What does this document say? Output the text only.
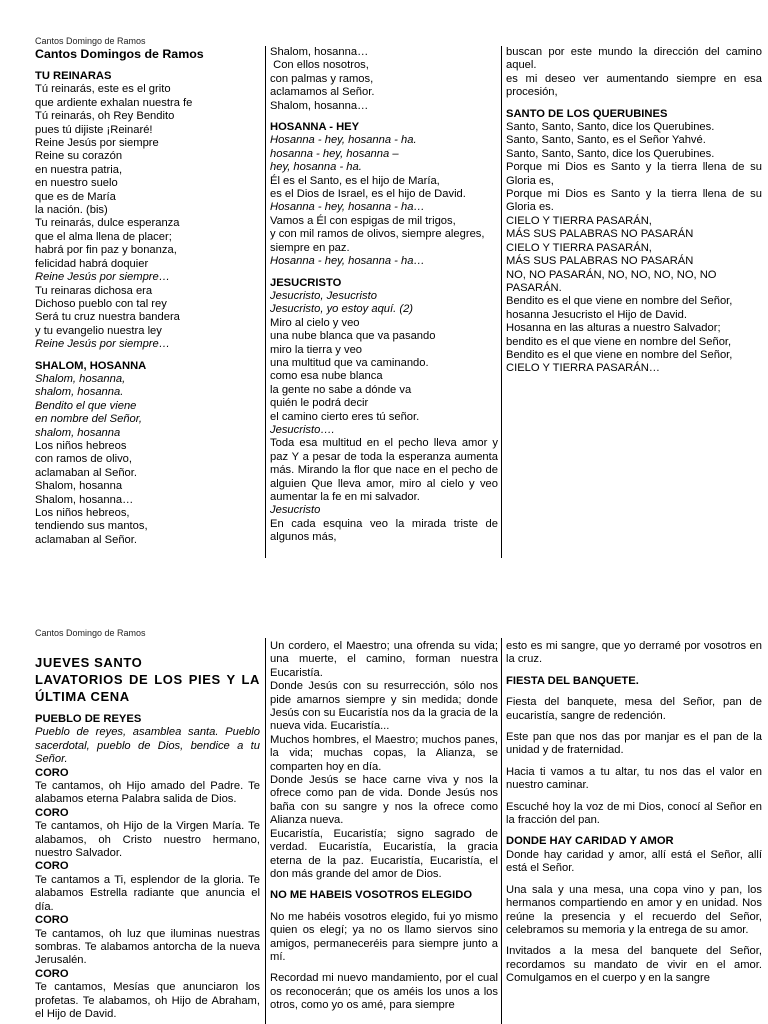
Cantos Domingo de Ramos
Cantos Domingos de Ramos
TU REINARAS
Tú reinarás, este es el grito
que ardiente exhalan nuestra fe
Tú reinarás, oh Rey Bendito
pues tú dijiste ¡Reinaré!
Reine Jesús por siempre
Reine su corazón
en nuestra patria,
en nuestro suelo
que es de María
la nación. (bis)
Tu reinarás, dulce esperanza
que el alma llena de placer;
habrá por fin paz y bonanza,
felicidad habrá doquier
Reine Jesús por siempre…
Tu reinaras dichosa era
Dichoso pueblo con tal rey
Será tu cruz nuestra bandera
y tu evangelio nuestra ley
Reine Jesús por siempre…
SHALOM, HOSANNA
Shalom, hosanna,
shalom, hosanna.
Bendito el que viene
en nombre del Señor,
shalom, hosanna
Los niños hebreos
con ramos de olivo,
aclamaban al Señor.
Shalom, hosanna
Shalom, hosanna…
Los niños hebreos,
tendiendo sus mantos,
aclamaban al Señor.
Shalom, hosanna…
Con ellos nosotros,
con palmas y ramos,
aclamamos al Señor.
Shalom, hosanna…
HOSANNA - HEY
Hosanna - hey, hosanna - ha.
hosanna - hey, hosanna –
hey, hosanna - ha.
Él es el Santo, es el hijo de María,
es el Dios de Israel, es el hijo de David.
Hosanna - hey, hosanna - ha…
Vamos a Él con espigas de mil trigos,
y con mil ramos de olivos, siempre alegres,
siempre en paz.
Hosanna - hey, hosanna - ha…
JESUCRISTO
Jesucristo, Jesucristo
Jesucristo, yo estoy aquí. (2)
Miro al cielo y veo
una nube blanca que va pasando
miro la tierra y veo
una multitud que va caminando.
como esa nube blanca
la gente no sabe a dónde va
quién le podrá decir
el camino cierto eres tú señor.
Jesucristo….
Toda esa multitud en el pecho lleva amor y paz Y a pesar de toda la esperanza aumenta más. Mirando la flor que nace en el pecho de alguien Que lleva amor, miro al cielo y veo aumentar la fe en mi salvador.
Jesucristo
En cada esquina veo la mirada triste de algunos más,
buscan por este mundo la dirección del camino aquel.
es mi deseo ver aumentando siempre en esa procesión,
SANTO DE LOS QUERUBINES
Santo, Santo, Santo, dice los Querubines.
Santo, Santo, Santo, es el Señor Yahvé.
Santo, Santo, Santo, dice los Querubines.
Porque mi Dios es Santo y la tierra llena de su Gloria es,
Porque mi Dios es Santo y la tierra llena de su Gloria es.
CIELO Y TIERRA PASARÁN,
MÁS SUS PALABRAS NO PASARÁN
CIELO Y TIERRA PASARÁN,
MÁS SUS PALABRAS NO PASARÁN
NO, NO PASARÁN, NO, NO, NO, NO, NO PASARÁN.
Bendito es el que viene en nombre del Señor,
hosanna Jesucristo el Hijo de David.
Hosanna en las alturas a nuestro Salvador;
bendito es el que viene en nombre del Señor,
Bendito es el que viene en nombre del Señor,
CIELO Y TIERRA PASARÁN…
Cantos Domingo de Ramos
JUEVES SANTO
LAVATORIOS DE LOS PIES Y LA ÚLTIMA CENA
PUEBLO DE REYES
Pueblo de reyes, asamblea santa. Pueblo sacerdotal, pueblo de Dios, bendice a tu Señor.
CORO
Te cantamos, oh Hijo amado del Padre. Te alabamos eterna Palabra salida de Dios.
CORO
Te cantamos, oh Hijo de la Virgen María. Te alabamos, oh Cristo nuestro hermano, nuestro Salvador.
CORO
Te cantamos a Ti, esplendor de la gloria. Te alabamos Estrella radiante que anuncia el día.
CORO
Te cantamos, oh luz que iluminas nuestras sombras. Te alabamos antorcha de la nueva Jerusalén.
CORO
Te cantamos, Mesías que anunciaron los profetas. Te alabamos, oh Hijo de Abraham, el Hijo de David.
Un cordero, el Maestro; una ofrenda su vida; una muerte, el camino, forman nuestra Eucaristía.
Donde Jesús con su resurrección, sólo nos pide amarnos siempre y sin medida; donde Jesús con su Eucaristía nos da la gracia de la nueva vida. Eucaristía...
Muchos hombres, el Maestro; muchos panes, la vida; muchas copas, la Alianza, se comparten hoy en día.
Donde Jesús se hace carne viva y nos la ofrece como pan de vida. Donde Jesús nos baña con su sangre y nos la ofrece como Alianza nueva.
Eucaristía, Eucaristía; signo sagrado de verdad. Eucaristía, Eucaristía, la gracia eterna de la paz. Eucaristía, Eucaristía, el don más grande del amor de Dios.
NO ME HABEIS VOSOTROS ELEGIDO
No me habéis vosotros elegido, fui yo mismo quien os elegí; ya no os llamo siervos sino amigos, permaneceréis para siempre junto a mí.
Recordad mi nuevo mandamiento, por el cual os reconocerán; que os améis los unos a los otros, como yo os amé, para siempre
esto es mi sangre, que yo derramé por vosotros en la cruz.
FIESTA DEL BANQUETE.
Fiesta del banquete, mesa del Señor, pan de eucaristía, sangre de redención.
Este pan que nos das por manjar es el pan de la unidad y de fraternidad.
Hacia ti vamos a tu altar, tu nos das el valor en nuestro caminar.
Escuché hoy la voz de mi Dios, conocí al Señor en la fracción del pan.
DONDE HAY CARIDAD Y AMOR
Donde hay caridad y amor, allí está el Señor, allí está el Señor.
Una sala y una mesa, una copa vino y pan, los hermanos compartiendo en amor y en unidad. Nos reúne la presencia y el recuerdo del Señor, celebramos su memoria y la entrega de su amor.
Invitados a la mesa del banquete del Señor, recordamos su mandato de vivir en el amor. Comulgamos en el cuerpo y en la sangre
